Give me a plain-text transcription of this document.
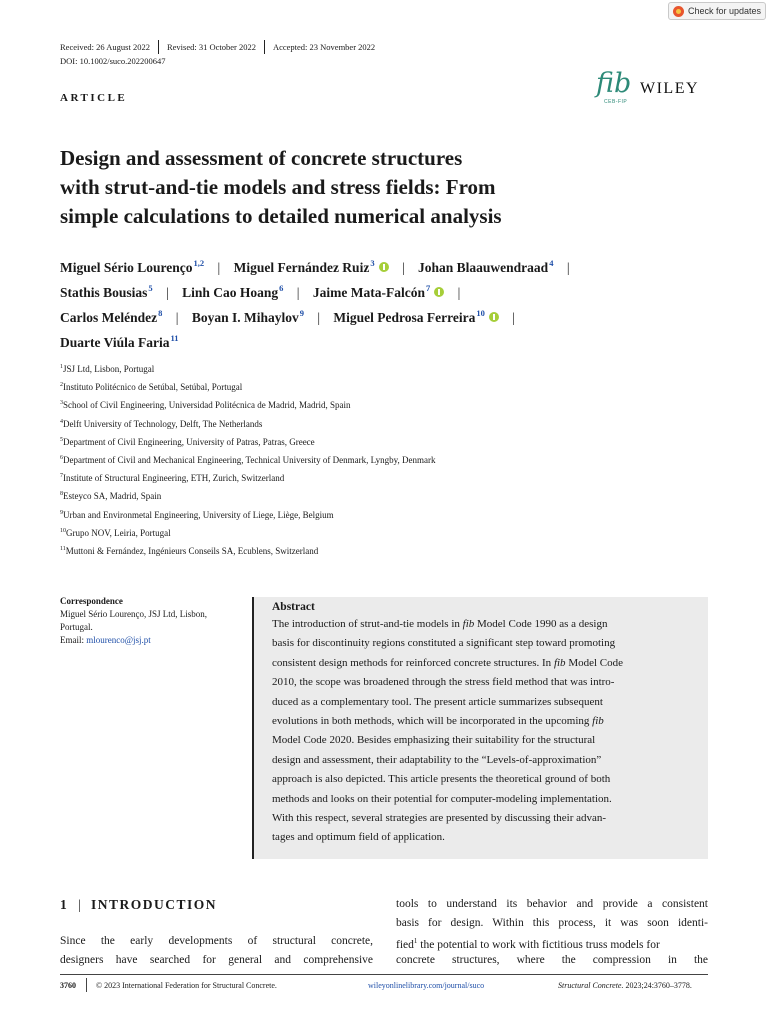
Check for updates
Received: 26 August 2022 Revised: 31 October 2022 Accepted: 23 November 2022
DOI: 10.1002/suco.202200647
ARTICLE	fib
CEB-FIP
WILEY
Design and assessment of concrete structures
with strut-and-tie models and stress fields: From
simple calculations to detailed numerical analysis
Miguel Sério Lourenço$^{1,2}$ | Miguel Fernández Ruiz$^3$ | Johan Blaauwendraad$^4$ |
Stathis Bousias$^5$ | Linh Cao Hoang$^6$ | Jaime Mata-Falcón$^7$ |
Carlos Meléndez$^8$ | Boyan I. Mihaylov$^9$ | Miguel Pedrosa Ferreira$^{10}$ |
Duarte Viúla Faria$^{11}$
$^1$JSJ Ltd, Lisbon, Portugal
$^2$Instituto Politécnico de Setúbal, Setúbal, Portugal
$^3$School of Civil Engineering, Universidad Politécnica de Madrid, Madrid, Spain
$^4$Delft University of Technology, Delft, The Netherlands
$^5$Department of Civil Engineering, University of Patras, Patras, Greece
$^6$Department of Civil and Mechanical Engineering, Technical University of Denmark, Lyngby, Denmark
$^7$Institute of Structural Engineering, ETH, Zurich, Switzerland
$^8$Esteyco SA, Madrid, Spain
$^9$Urban and Environmetal Engineering, University of Liege, Liège, Belgium
$^{10}$Grupo NOV, Leiria, Portugal
$^{11}$Muttoni & Fernández, Ingénieurs Conseils SA, Ecublens, Switzerland
Correspondence
Miguel Sério Lourenço, JSJ Ltd, Lisbon,
Portugal.
Email: mlourenco@jsj.pt
Abstract
The introduction of strut-and-tie models in fib Model Code 1990 as a design
basis for discontinuity regions constituted a significant step toward promoting
consistent design methods for reinforced concrete structures. In fib Model Code
2010, the scope was broadened through the stress field method that was intro-
duced as a complementary tool. The present article summarizes subsequent
evolutions in both methods, which will be incorporated in the upcoming fib
Model Code 2020. Besides emphasizing their suitability for the structural
design and assessment, their adaptability to the “Levels-of-approximation”
approach is also depicted. This article presents the theoretical ground of both
methods and looks on their potential for computer-modeling implementation.
With this respect, several strategies are presented by discussing their advan-
tages and optimum field of application.
1 | INTRODUCTION
Since the early developments of structural concrete,
designers have searched for general and comprehensive
tools to understand its behavior and provide a consistent
basis for design. Within this process, it was soon identi-
fied$^1$ the potential to work with fictitious truss models for
concrete structures, where the compression in the
3760	© 2023 International Federation for Structural Concrete.	wileyonlinelibrary.com/journal/suco	Structural Concrete. 2023;24:3760–3778.
